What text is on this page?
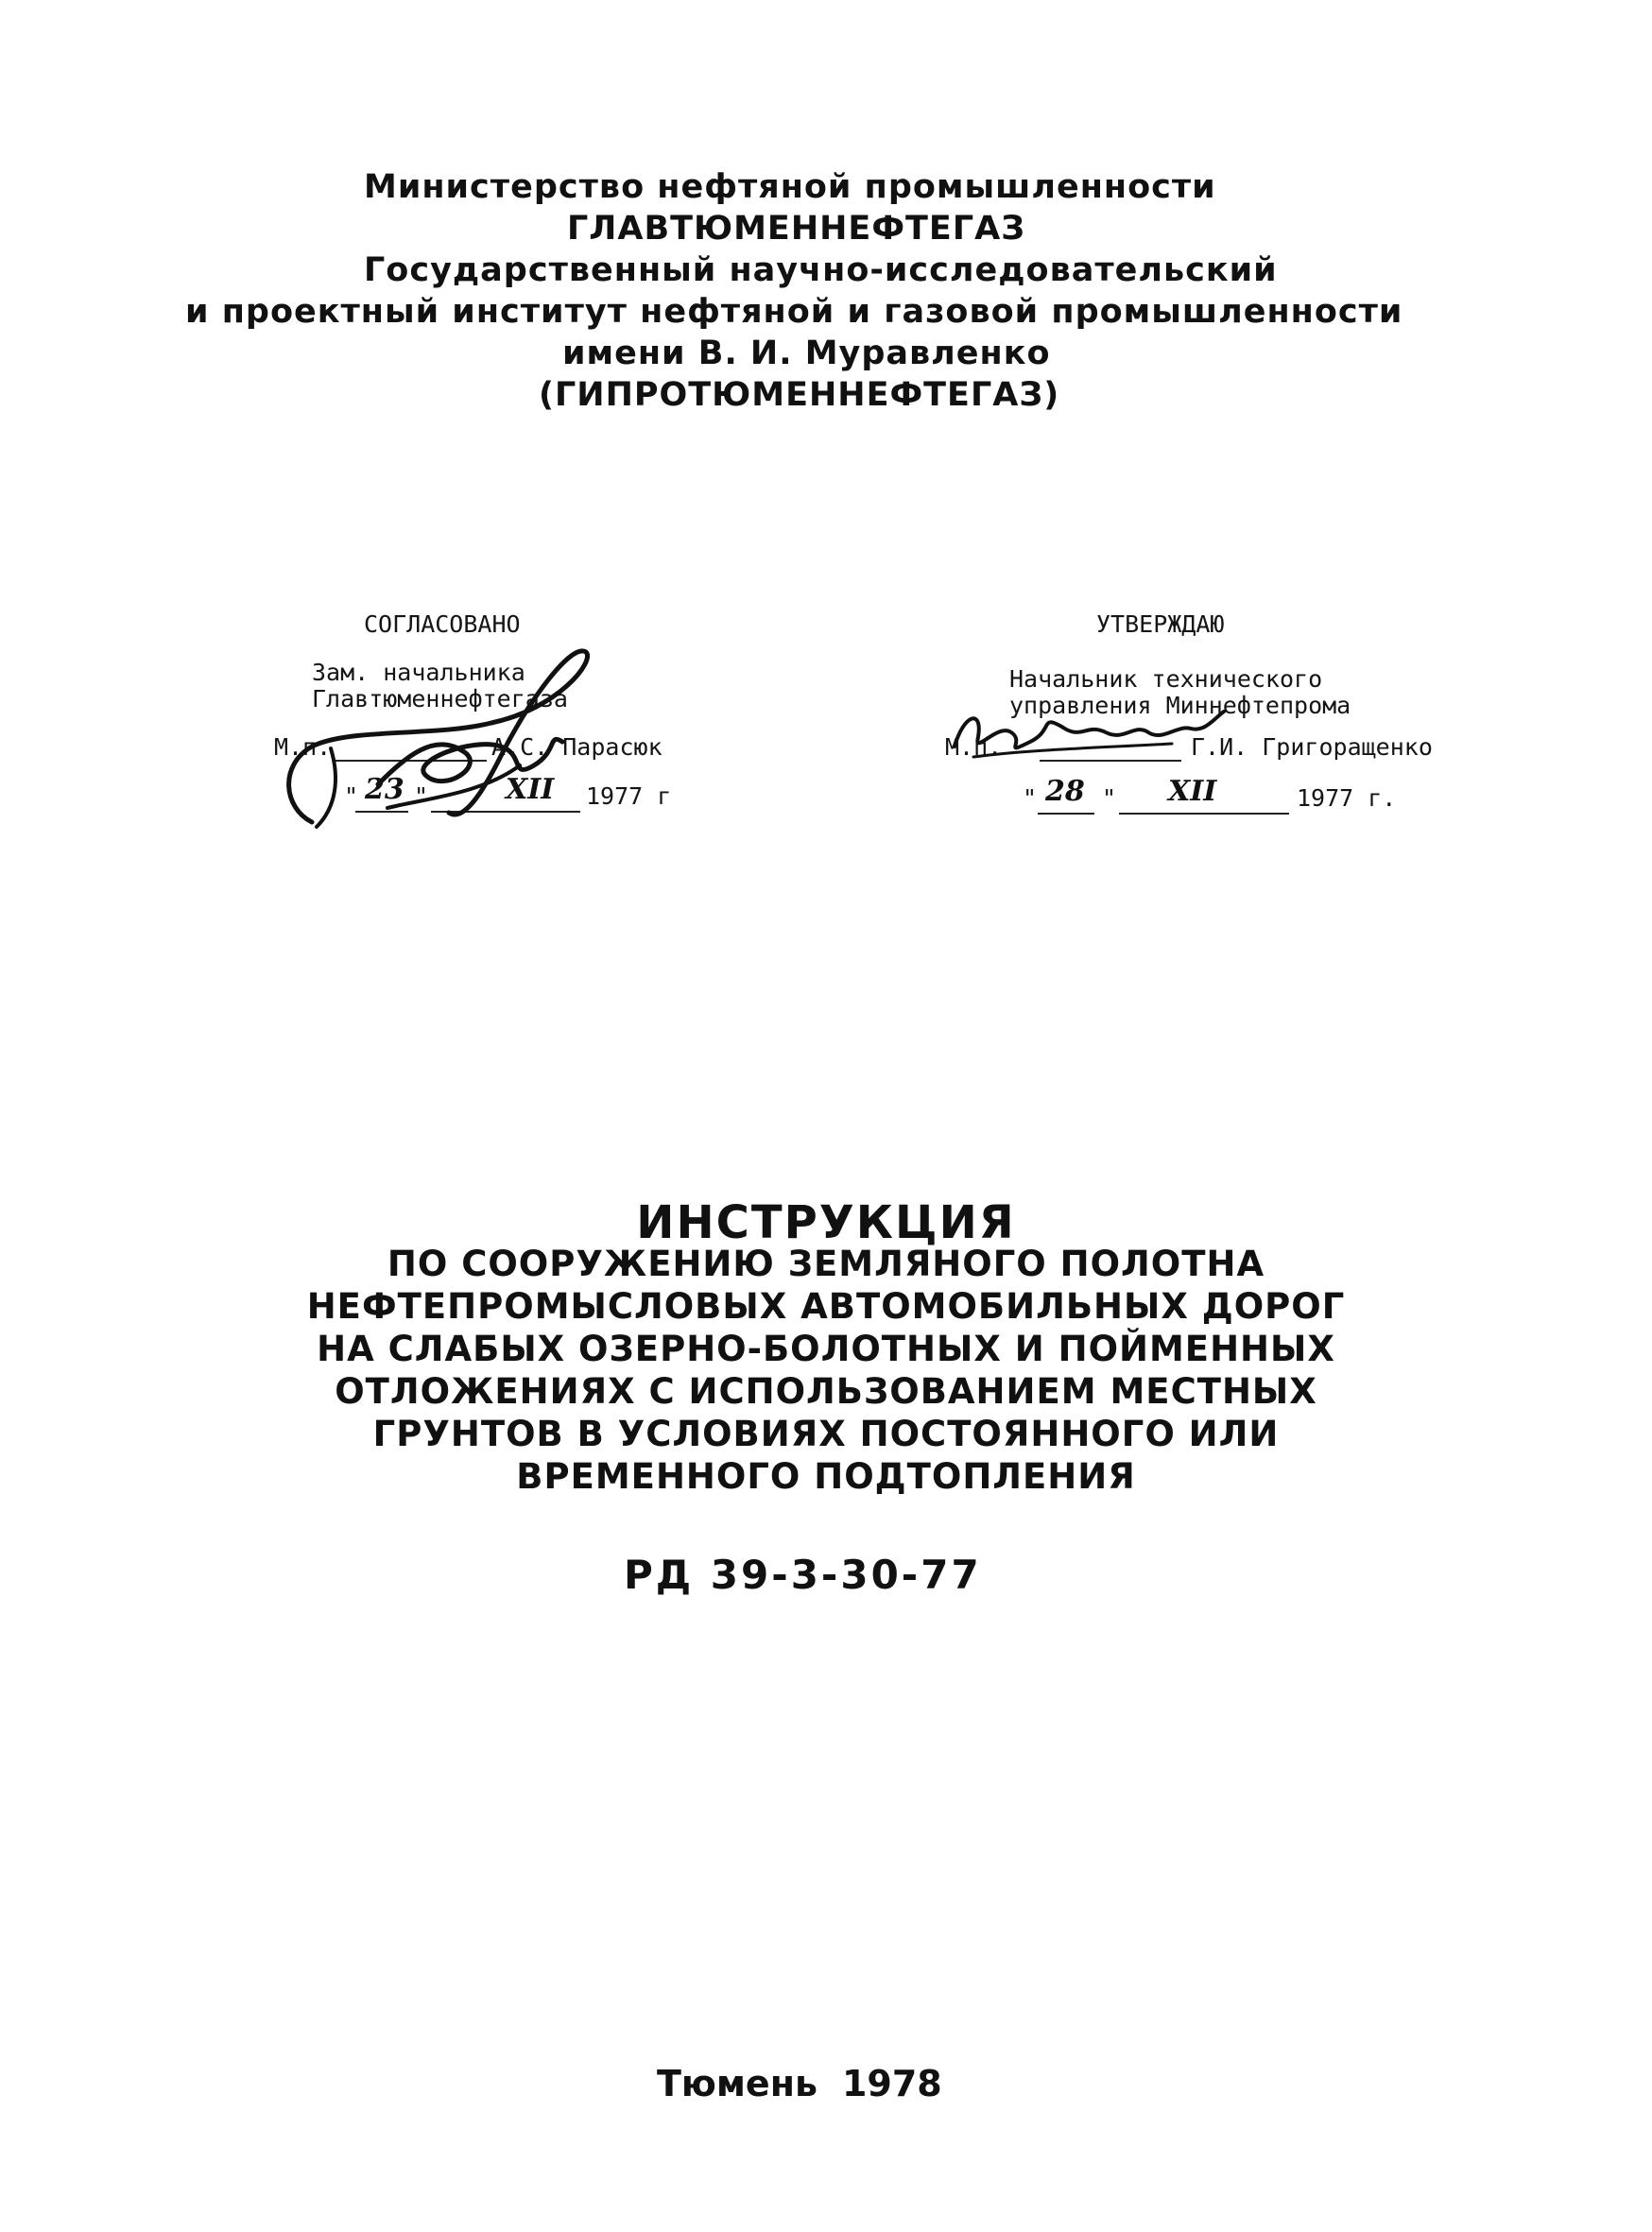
Министерство нефтяной промышленности
ГЛАВТЮМЕННЕФТЕГАЗ
Государственный научно-исследовательский
и проектный институт нефтяной и газовой промышленности
имени В. И. Муравленко
(ГИПРОТЮМЕННЕФТЕГАЗ)
СОГЛАСОВАНО
Зам. начальника
Главтюменнефтегаза
М.п.	А.С. Парасюк
" 23 "	XII 1977 г
УТВЕРЖДАЮ
Начальник технического
управления Миннефтепрома
М.п.	Г.И. Григоращенко
" 28 " XII	1977 г.
ИНСТРУКЦИЯ
ПО СООРУЖЕНИЮ ЗЕМЛЯНОГО ПОЛОТНА
НЕФТЕПРОМЫСЛОВЫХ АВТОМОБИЛЬНЫХ ДОРОГ
НА СЛАБЫХ ОЗЕРНО-БОЛОТНЫХ И ПОЙМЕННЫХ
ОТЛОЖЕНИЯХ С ИСПОЛЬЗОВАНИЕМ МЕСТНЫХ
ГРУНТОВ В УСЛОВИЯХ ПОСТОЯННОГО ИЛИ
ВРЕМЕННОГО ПОДТОПЛЕНИЯ
РД 39-3-30-77
Тюмень 1978
